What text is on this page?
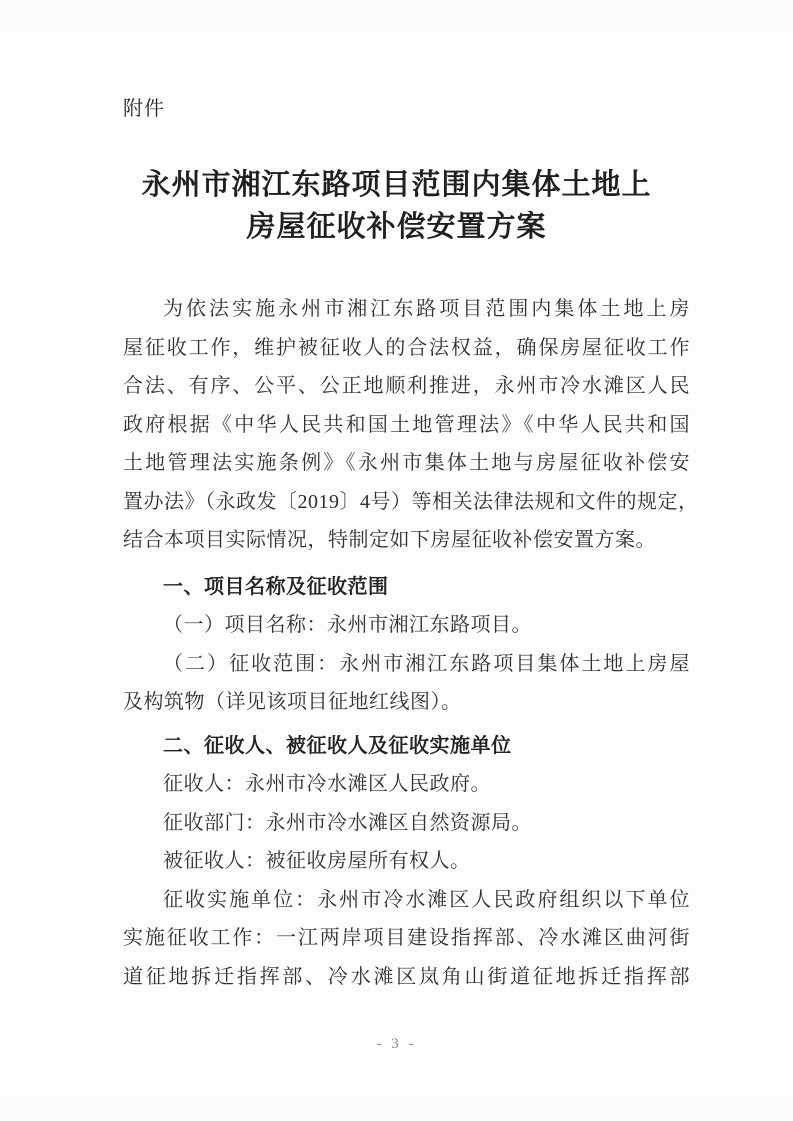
附件
永州市湘江东路项目范围内集体土地上
房屋征收补偿安置方案
为依法实施永州市湘江东路项目范围内集体土地上房
屋征收工作，维护被征收人的合法权益，确保房屋征收工作
合法、有序、公平、公正地顺利推进，永州市冷水滩区人民
政府根据《中华人民共和国土地管理法》《中华人民共和国
土地管理法实施条例》《永州市集体土地与房屋征收补偿安
置办法》（永政发〔2019〕4号）等相关法律法规和文件的规定，
结合本项目实际情况，特制定如下房屋征收补偿安置方案。
一、项目名称及征收范围
（一）项目名称：永州市湘江东路项目。
（二）征收范围：永州市湘江东路项目集体土地上房屋
及构筑物（详见该项目征地红线图）。
二、征收人、被征收人及征收实施单位
征收人：永州市冷水滩区人民政府。
征收部门：永州市冷水滩区自然资源局。
被征收人：被征收房屋所有权人。
征收实施单位：永州市冷水滩区人民政府组织以下单位
实施征收工作：一江两岸项目建设指挥部、冷水滩区曲河街
道征地拆迁指挥部、冷水滩区岚角山街道征地拆迁指挥部
- 3 -
